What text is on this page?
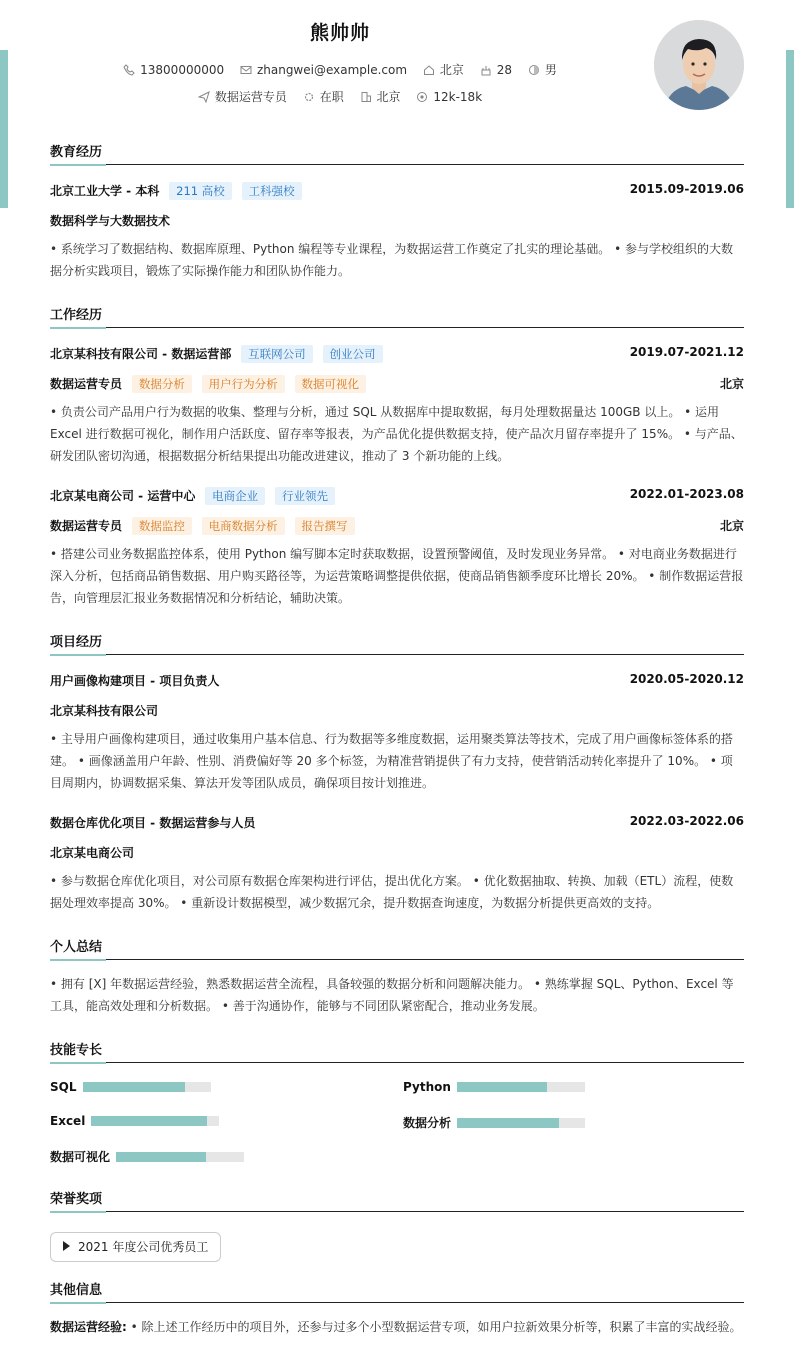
熊帅帅
13800000000	zhangwei@example.com	北京	28	男
数据运营专员	在职	北京	12k-18k
教育经历
北京工业大学 - 本科 211 高校 工科强校	2015.09-2019.06
数据科学与大数据技术
• 系统学习了数据结构、数据库原理、Python 编程等专业课程，为数据运营工作奠定了扎实的理论基础。 • 参与学校组织的大数据分析实践项目，锻炼了实际操作能力和团队协作能力。
工作经历
北京某科技有限公司 - 数据运营部 互联网公司 创业公司	2019.07-2021.12
数据运营专员 数据分析 用户行为分析 数据可视化	北京
• 负责公司产品用户行为数据的收集、整理与分析，通过 SQL 从数据库中提取数据，每月处理数据量达 100GB 以上。 • 运用 Excel 进行数据可视化，制作用户活跃度、留存率等报表，为产品优化提供数据支持，使产品次月留存率提升了 15%。 • 与产品、研发团队密切沟通，根据数据分析结果提出功能改进建议，推动了 3 个新功能的上线。
北京某电商公司 - 运营中心 电商企业 行业领先	2022.01-2023.08
数据运营专员 数据监控 电商数据分析 报告撰写	北京
• 搭建公司业务数据监控体系，使用 Python 编写脚本定时获取数据，设置预警阈值，及时发现业务异常。 • 对电商业务数据进行深入分析，包括商品销售数据、用户购买路径等，为运营策略调整提供依据，使商品销售额季度环比增长 20%。 • 制作数据运营报告，向管理层汇报业务数据情况和分析结论，辅助决策。
项目经历
用户画像构建项目 - 项目负责人	2020.05-2020.12
北京某科技有限公司
• 主导用户画像构建项目，通过收集用户基本信息、行为数据等多维度数据，运用聚类算法等技术，完成了用户画像标签体系的搭建。 • 画像涵盖用户年龄、性别、消费偏好等 20 多个标签，为精准营销提供了有力支持，使营销活动转化率提升了 10%。 • 项目周期内，协调数据采集、算法开发等团队成员，确保项目按计划推进。
数据仓库优化项目 - 数据运营参与人员	2022.03-2022.06
北京某电商公司
• 参与数据仓库优化项目，对公司原有数据仓库架构进行评估，提出优化方案。 • 优化数据抽取、转换、加载（ETL）流程，使数据处理效率提高 30%。 • 重新设计数据模型，减少数据冗余，提升数据查询速度，为数据分析提供更高效的支持。
个人总结
• 拥有 [X] 年数据运营经验，熟悉数据运营全流程，具备较强的数据分析和问题解决能力。 • 熟练掌握 SQL、Python、Excel 等工具，能高效处理和分析数据。 • 善于沟通协作，能够与不同团队紧密配合，推动业务发展。
技能专长
SQL	Python
Excel	数据分析
数据可视化
荣誉奖项
2021 年度公司优秀员工
其他信息
数据运营经验: • 除上述工作经历中的项目外，还参与过多个小型数据运营专项，如用户拉新效果分析等，积累了丰富的实战经验。
